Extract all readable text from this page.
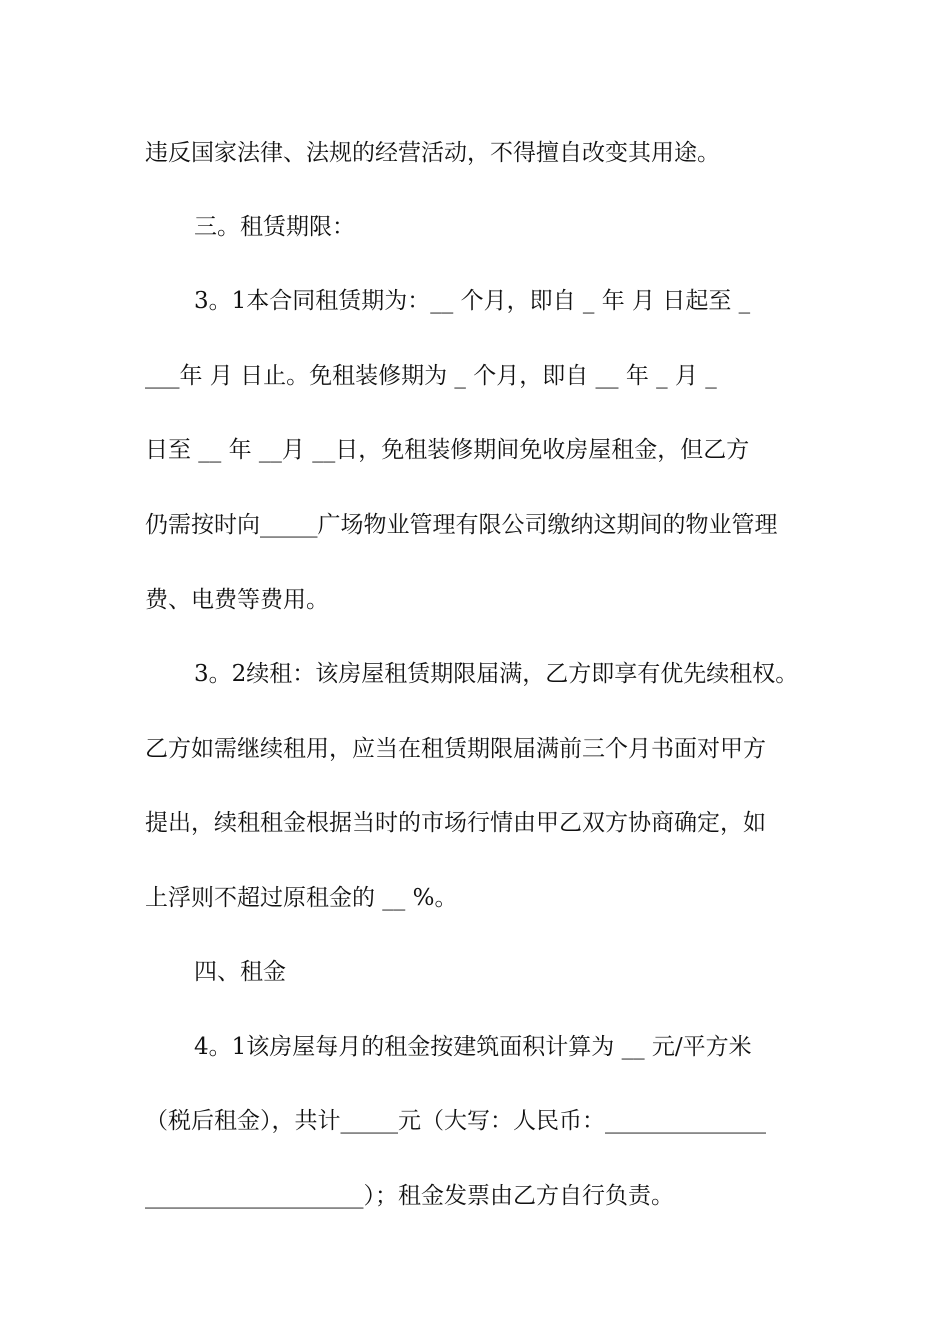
违反国家法律、法规的经营活动，不得擅自改变其用途。
三。租赁期限：
3。1本合同租赁期为：__ 个月，即自 _ 年 月 日起至 _
___年 月 日止。免租装修期为 _ 个月，即自 __ 年 _ 月 _
日至 __ 年 __月 __日，免租装修期间免收房屋租金，但乙方
仍需按时向_____广场物业管理有限公司缴纳这期间的物业管理
费、电费等费用。
3。2续租：该房屋租赁期限届满，乙方即享有优先续租权。
乙方如需继续租用，应当在租赁期限届满前三个月书面对甲方
提出，续租租金根据当时的市场行情由甲乙双方协商确定，如
上浮则不超过原租金的 __ %。
四、租金
4。1该房屋每月的租金按建筑面积计算为 __ 元/平方米
（税后租金），共计_____元（大写：人民币：______________
___________________）；租金发票由乙方自行负责。
